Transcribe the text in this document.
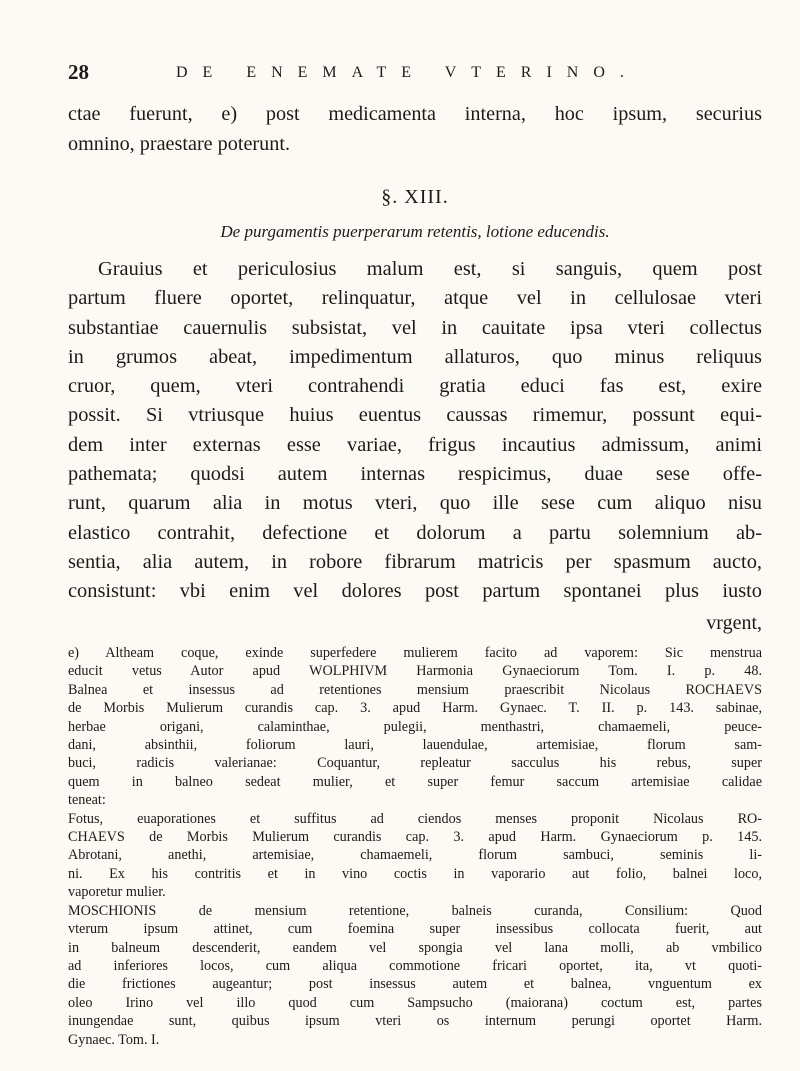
28	DE ENEMATE VTERINO.
ctae fuerunt, e) post medicamenta interna, hoc ipsum, securius
omnino, praestare poterunt.
§. XIII.
De purgamentis puerperarum retentis, lotione educendis.
Grauius et periculosius malum est, si sanguis, quem post
partum fluere oportet, relinquatur, atque vel in cellulosae vteri
substantiae cauernulis subsistat, vel in cauitate ipsa vteri collectus
in grumos abeat, impedimentum allaturos, quo minus reliquus
cruor, quem, vteri contrahendi gratia educi fas est, exire
possit. Si vtriusque huius euentus caussas rimemur, possunt equi-
dem inter externas esse variae, frigus incautius admissum, animi
pathemata; quodsi autem internas respicimus, duae sese offe-
runt, quarum alia in motus vteri, quo ille sese cum aliquo nisu
elastico contrahit, defectione et dolorum a partu solemnium ab-
sentia, alia autem, in robore fibrarum matricis per spasmum aucto,
consistunt: vbi enim vel dolores post partum spontanei plus iusto
vrgent,
e) Altheam coque, exinde superfedere mulierem facito ad vaporem: Sic menstrua
educit vetus Autor apud WOLPHIVM Harmonia Gynaeciorum Tom. I. p. 48.
Balnea et insessus ad retentiones mensium praescribit Nicolaus ROCHAEVS
de Morbis Mulierum curandis cap. 3. apud Harm. Gynaec. T. II. p. 143. sabinae,
herbae origani, calaminthae, pulegii, menthastri, chamaemeli, peuce-
dani, absinthii, foliorum lauri, lauendulae, artemisiae, florum sam-
buci, radicis valerianae: Coquantur, repleatur sacculus his rebus, super
quem in balneo sedeat mulier, et super femur saccum artemisiae calidae
teneat:
Fotus, euaporationes et suffitus ad ciendos menses proponit Nicolaus RO-
CHAEVS de Morbis Mulierum curandis cap. 3. apud Harm. Gynaeciorum p. 145.
Abrotani, anethi, artemisiae, chamaemeli, florum sambuci, seminis li-
ni. Ex his contritis et in vino coctis in vaporario aut folio, balnei loco,
vaporetur mulier.
MOSCHIONIS de mensium retentione, balneis curanda, Consilium: Quod
vterum ipsum attinet, cum foemina super insessibus collocata fuerit, aut
in balneum descenderit, eandem vel spongia vel lana molli, ab vmbilico
ad inferiores locos, cum aliqua commotione fricari oportet, ita, vt quoti-
die frictiones augeantur; post insessus autem et balnea, vnguentum ex
oleo Irino vel illo quod cum Sampsucho (maiorana) coctum est, partes
inungendae sunt, quibus ipsum vteri os internum perungi oportet Harm.
Gynaec. Tom. I.
